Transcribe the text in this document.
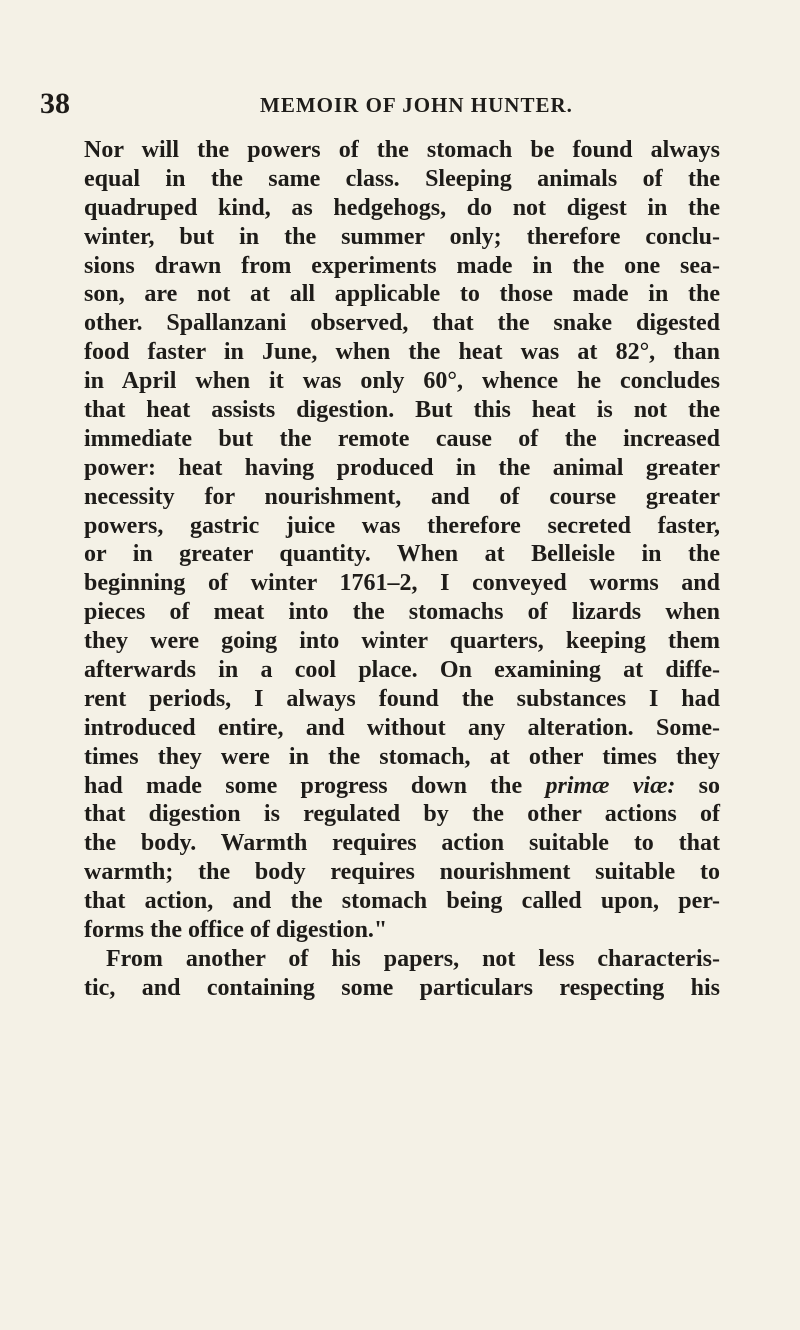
38	MEMOIR OF JOHN HUNTER.
Nor will the powers of the stomach be found always
equal in the same class. Sleeping animals of the
quadruped kind, as hedgehogs, do not digest in the
winter, but in the summer only; therefore conclu-
sions drawn from experiments made in the one sea-
son, are not at all applicable to those made in the
other. Spallanzani observed, that the snake digested
food faster in June, when the heat was at 82°, than
in April when it was only 60°, whence he concludes
that heat assists digestion. But this heat is not the
immediate but the remote cause of the increased
power: heat having produced in the animal greater
necessity for nourishment, and of course greater
powers, gastric juice was therefore secreted faster,
or in greater quantity. When at Belleisle in the
beginning of winter 1761–2, I conveyed worms and
pieces of meat into the stomachs of lizards when
they were going into winter quarters, keeping them
afterwards in a cool place. On examining at diffe-
rent periods, I always found the substances I had
introduced entire, and without any alteration. Some-
times they were in the stomach, at other times they
had made some progress down the primæ viæ: so
that digestion is regulated by the other actions of
the body. Warmth requires action suitable to that
warmth; the body requires nourishment suitable to
that action, and the stomach being called upon, per-
forms the office of digestion."
From another of his papers, not less characteris-
tic, and containing some particulars respecting his
